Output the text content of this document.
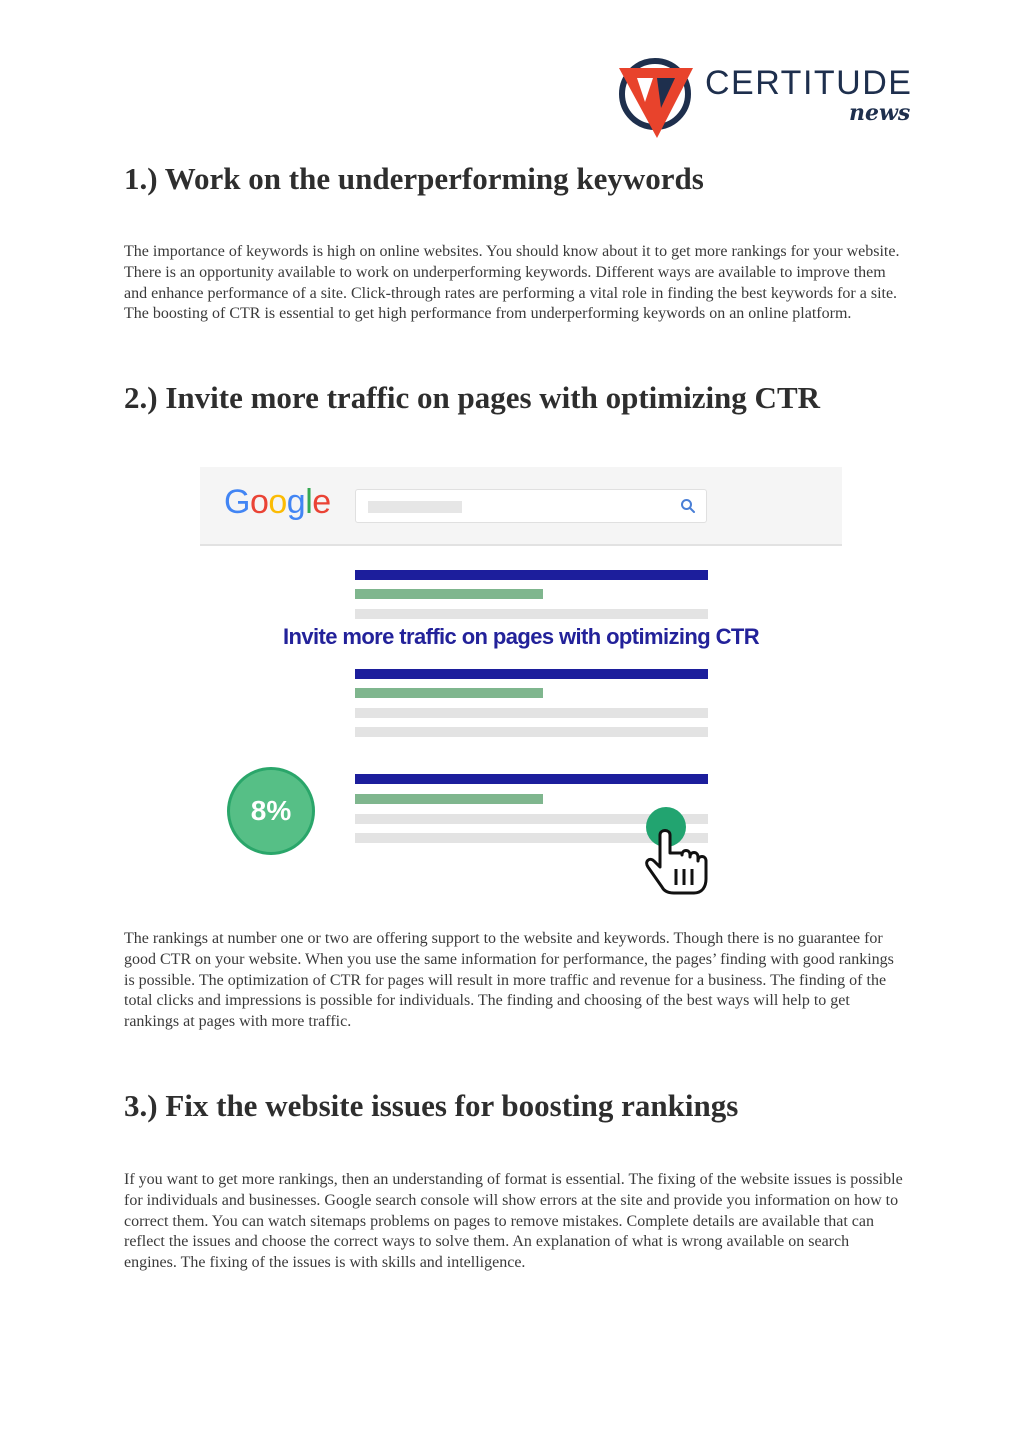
CERTITUDE
news
1.) Work on the underperforming keywords

The importance of keywords is high on online websites. You should know about it to get more rankings for your website. There is an opportunity available to work on underperforming keywords. Different ways are available to improve them and enhance performance of a site. Click-through rates are performing a vital role in finding the best keywords for a site. The boosting of CTR is essential to get high performance from underperforming keywords on an online platform.

2.) Invite more traffic on pages with optimizing CTR
Google
Invite more traffic on pages with optimizing CTR
8%

The rankings at number one or two are offering support to the website and keywords. Though there is no guarantee for good CTR on your website. When you use the same information for performance, the pages’ finding with good rankings is possible. The optimization of CTR for pages will result in more traffic and revenue for a business. The finding of the total clicks and impressions is possible for individuals. The finding and choosing of the best ways will help to get rankings at pages with more traffic.

3.) Fix the website issues for boosting rankings

If you want to get more rankings, then an understanding of format is essential. The fixing of the website issues is possible for individuals and businesses. Google search console will show errors at the site and provide you information on how to correct them. You can watch sitemaps problems on pages to remove mistakes. Complete details are available that can reflect the issues and choose the correct ways to solve them. An explanation of what is wrong available on search engines. The fixing of the issues is with skills and intelligence.
